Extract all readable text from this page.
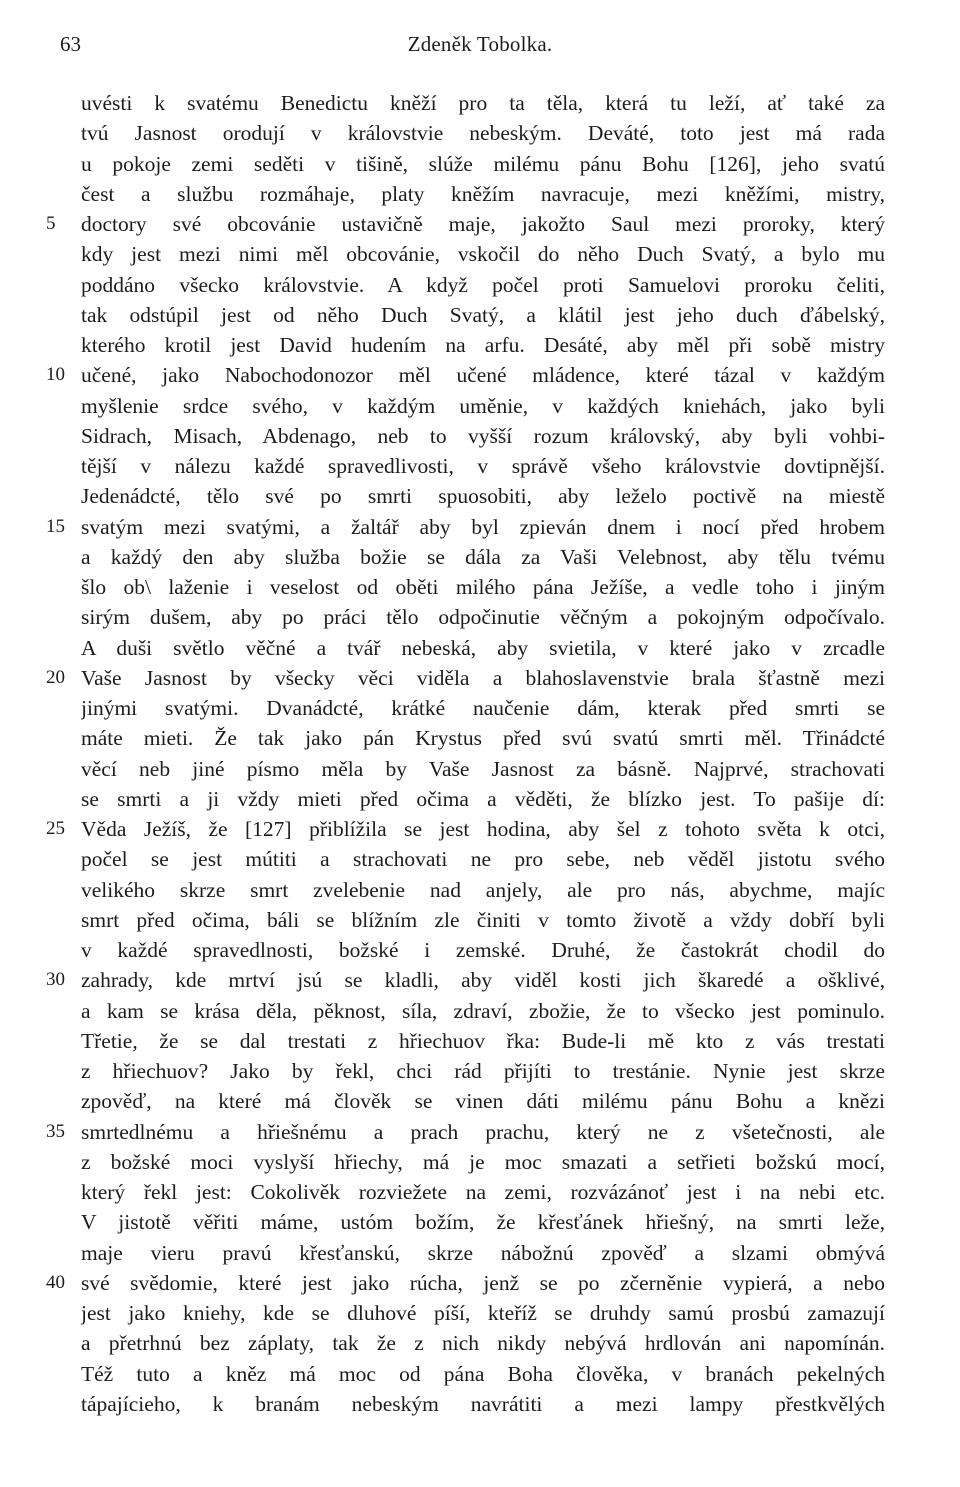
63	Zdeněk Tobolka.
uvésti k svatému Benedictu kněží pro ta těla, která tu leží, ať také za
tvú Jasnost orodují v královstvie nebeským. Deváté, toto jest má rada
u pokoje zemi seděti v tišině, slúže milému pánu Bohu [126], jeho svatú
čest a službu rozmáhaje, platy kněžím navracuje, mezi kněžími, mistry,
5	doctory své obcovánie ustavičně maje, jakožto Saul mezi proroky, který
kdy jest mezi nimi měl obcovánie, vskočil do něho Duch Svatý, a bylo mu
poddáno všecko královstvie. A když počel proti Samuelovi proroku čeliti,
tak odstúpil jest od něho Duch Svatý, a klátil jest jeho duch ďábelský,
kterého krotil jest David hudením na arfu. Desáté, aby měl při sobě mistry
10 učené, jako Nabochodonozor měl učené mládence, které tázal v každým
myšlenie srdce svého, v každým uměnie, v každých kniehách, jako byli
Sidrach, Misach, Abdenago, neb to vyšší rozum královský, aby byli vohbi-
tější v nálezu každé spravedlivosti, v správě všeho královstvie dovtipnější.
Jedenádcté, tělo své po smrti spuosobiti, aby leželo poctivě na miestě
15 svatým mezi svatými, a žaltář aby byl zpieván dnem i nocí před hrobem
a každý den aby služba božie se dála za Vaši Velebnost, aby tělu tvému
šlo ob\ laženie i veselost od oběti milého pána Ježíše, a vedle toho i jiným
sirým dušem, aby po práci tělo odpočinutie věčným a pokojným odpočívalo.
A duši světlo věčné a tvář nebeská, aby svietila, v které jako v zrcadle
20 Vaše Jasnost by všecky věci viděla a blahoslavenstvie brala šťastně mezi
jinými svatými. Dvanádcté, krátké naučenie dám, kterak před smrti se
máte mieti. Že tak jako pán Krystus před svú svatú smrti měl. Třinádcté
věcí neb jiné písmo měla by Vaše Jasnost za básně. Najprvé, strachovati
se smrti a ji vždy mieti před očima a věděti, že blízko jest. To pašije dí:
25 Věda Ježíš, že [127] přiblížila se jest hodina, aby šel z tohoto světa k otci,
počel se jest mútiti a strachovati ne pro sebe, neb věděl jistotu svého
velikého skrze smrt zvelebenie nad anjely, ale pro nás, abychme, majíc
smrt před očima, báli se blížním zle činiti v tomto životě a vždy dobří byli
v každé spravedlnosti, božské i zemské. Druhé, že častokrát chodil do
30 zahrady, kde mrtví jsú se kladli, aby viděl kosti jich škaredé a ošklivé,
a kam se krása děla, pěknost, síla, zdraví, zbožie, že to všecko jest pominulo.
Třetie, že se dal trestati z hřiechuov řka: Bude-li mě kto z vás trestati
z hřiechuov? Jako by řekl, chci rád přijíti to trestánie. Nynie jest skrze
zpověď, na které má člověk se vinen dáti milému pánu Bohu a knězi
35 smrtedlnému a hřiešnému a prach prachu, který ne z všetečnosti, ale
z božské moci vyslyší hřiechy, má je moc smazati a setřieti božskú mocí,
který řekl jest: Cokolivěk rozviežete na zemi, rozvázánoť jest i na nebi etc.
V jistotě věřiti máme, ustóm božím, že křesťánek hřiešný, na smrti leže,
maje vieru pravú křesťanskú, skrze nábožnú zpověď a slzami obmývá
40 své svědomie, které jest jako rúcha, jenž se po zčerněnie vypierá, a nebo
jest jako kniehy, kde se dluhové píší, kteříž se druhdy samú prosbú zamazují
a přetrhnú bez záplaty, tak že z nich nikdy nebývá hrdlován ani napomínán.
Též tuto a kněz má moc od pána Boha člověka, v branách pekelných
tápajícieho, k branám nebeským navrátiti a mezi lampy přestkvělých
